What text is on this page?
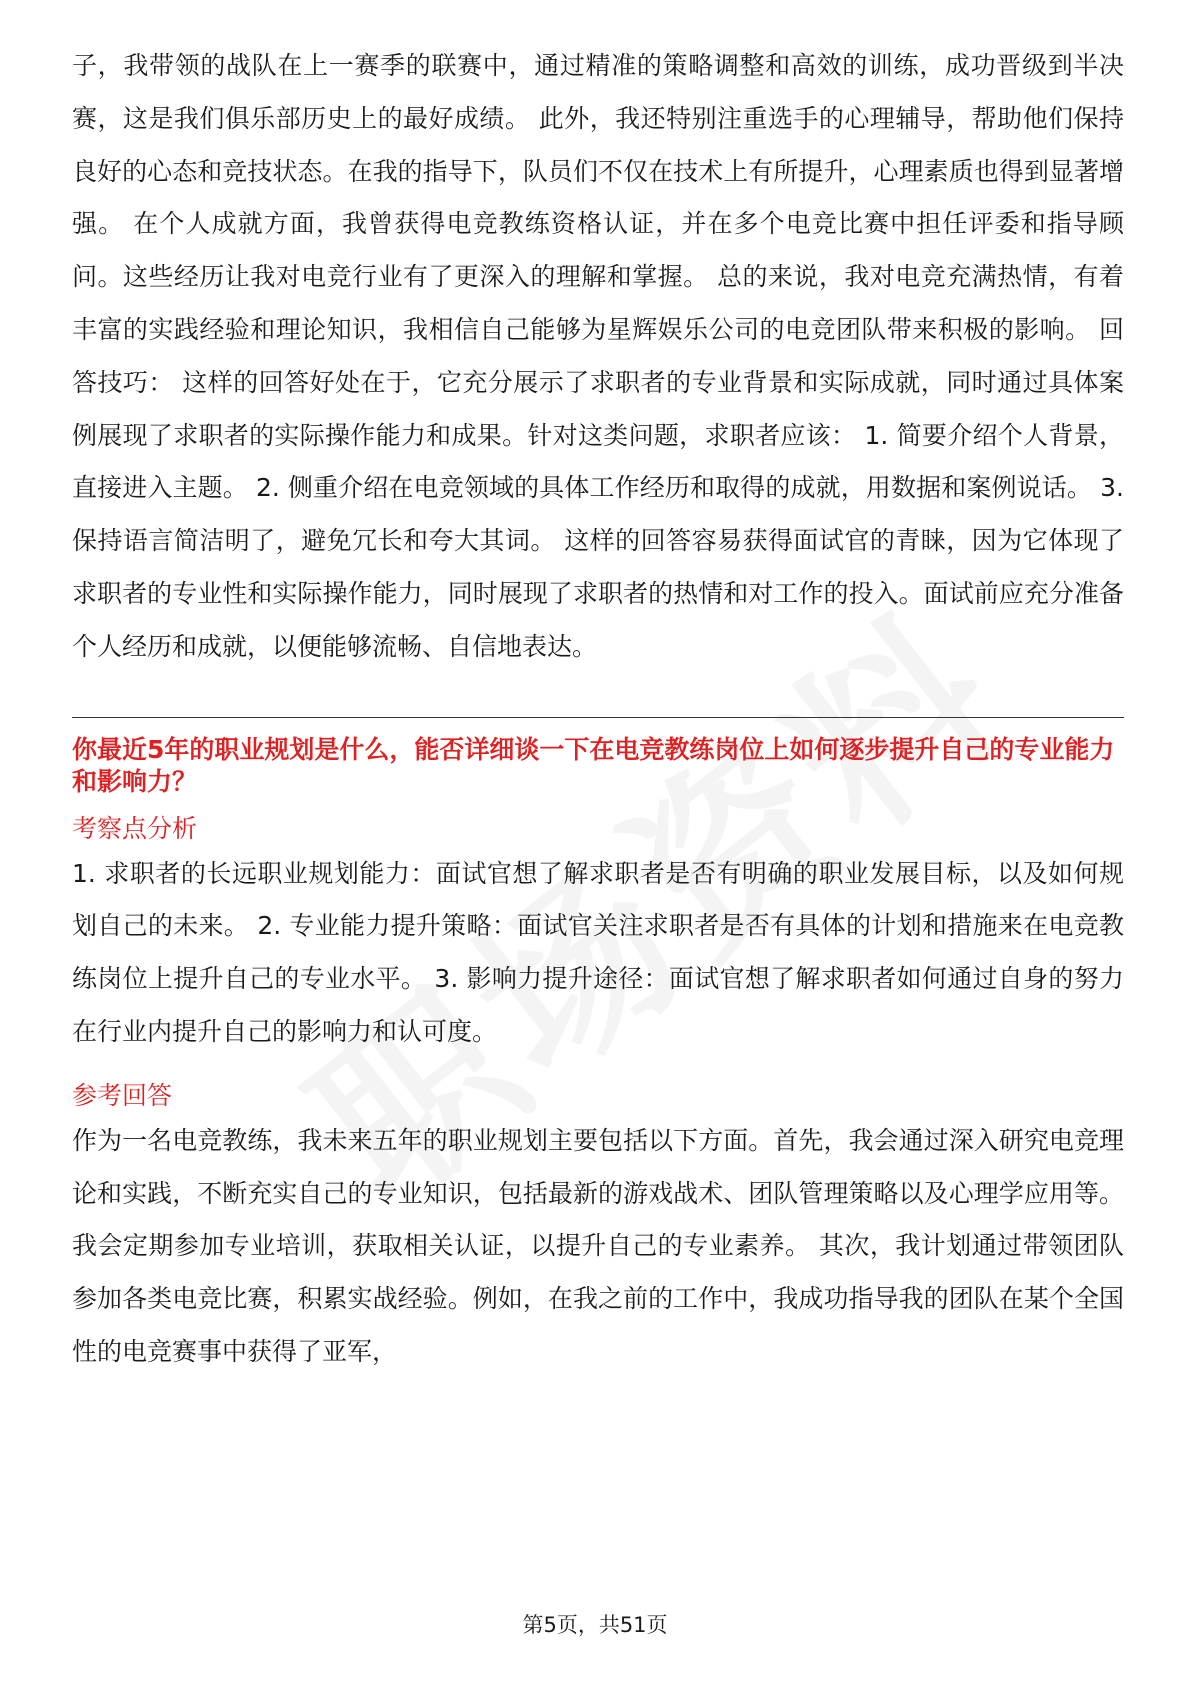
子，我带领的战队在上一赛季的联赛中，通过精准的策略调整和高效的训练，成功晋级到半决赛，这是我们俱乐部历史上的最好成绩。 此外，我还特别注重选手的心理辅导，帮助他们保持良好的心态和竞技状态。在我的指导下，队员们不仅在技术上有所提升，心理素质也得到显著增强。 在个人成就方面，我曾获得电竞教练资格认证，并在多个电竞比赛中担任评委和指导顾问。这些经历让我对电竞行业有了更深入的理解和掌握。 总的来说，我对电竞充满热情，有着丰富的实践经验和理论知识，我相信自己能够为星辉娱乐公司的电竞团队带来积极的影响。 回答技巧： 这样的回答好处在于，它充分展示了求职者的专业背景和实际成就，同时通过具体案例展现了求职者的实际操作能力和成果。针对这类问题，求职者应该： 1. 简要介绍个人背景，直接进入主题。 2. 侧重介绍在电竞领域的具体工作经历和取得的成就，用数据和案例说话。 3. 保持语言简洁明了，避免冗长和夸大其词。 这样的回答容易获得面试官的青睐，因为它体现了求职者的专业性和实际操作能力，同时展现了求职者的热情和对工作的投入。面试前应充分准备个人经历和成就，以便能够流畅、自信地表达。

你最近5年的职业规划是什么，能否详细谈一下在电竞教练岗位上如何逐步提升自己的专业能力和影响力？

考察点分析

1. 求职者的长远职业规划能力：面试官想了解求职者是否有明确的职业发展目标，以及如何规划自己的未来。 2. 专业能力提升策略：面试官关注求职者是否有具体的计划和措施来在电竞教练岗位上提升自己的专业水平。 3. 影响力提升途径：面试官想了解求职者如何通过自身的努力在行业内提升自己的影响力和认可度。

参考回答

作为一名电竞教练，我未来五年的职业规划主要包括以下方面。首先，我会通过深入研究电竞理论和实践，不断充实自己的专业知识，包括最新的游戏战术、团队管理策略以及心理学应用等。我会定期参加专业培训，获取相关认证，以提升自己的专业素养。 其次，我计划通过带领团队参加各类电竞比赛，积累实战经验。例如，在我之前的工作中，我成功指导我的团队在某个全国性的电竞赛事中获得了亚军，

第5页，共51页
